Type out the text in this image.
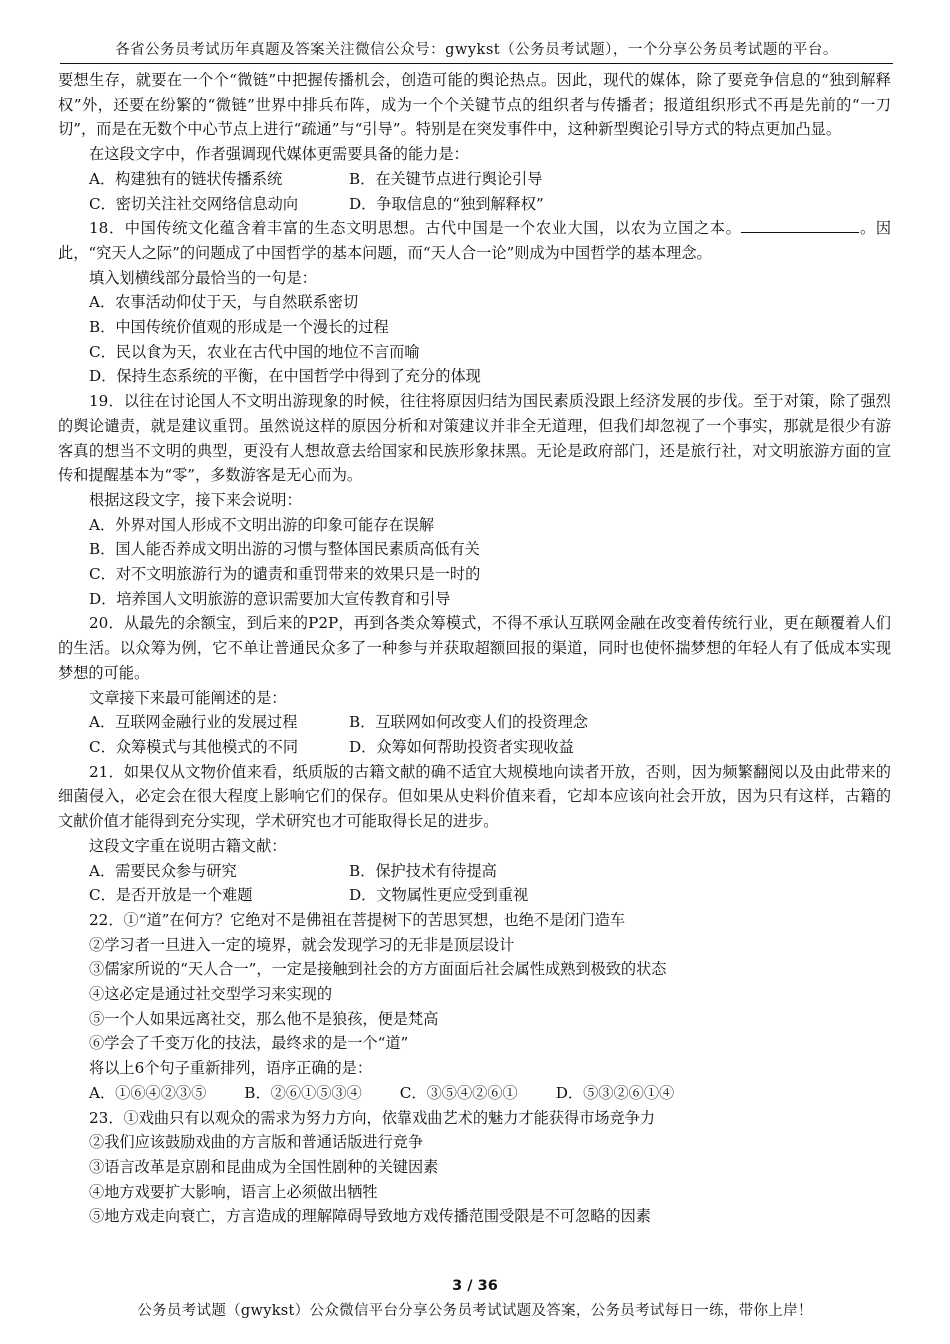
各省公务员考试历年真题及答案关注微信公众号：gwykst（公务员考试题），一个分享公务员考试题的平台。

要想生存，就要在一个个“微链”中把握传播机会，创造可能的舆论热点。因此，现代的媒体，除了要竞争信息的“独到解释权”外，还要在纷繁的“微链”世界中排兵布阵，成为一个个关键节点的组织者与传播者；报道组织形式不再是先前的“一刀切”，而是在无数个中心节点上进行“疏通”与“引导”。特别是在突发事件中，这种新型舆论引导方式的特点更加凸显。

在这段文字中，作者强调现代媒体更需要具备的能力是：

A．构建独有的链状传播系统	B．在关键节点进行舆论引导
C．密切关注社交网络信息动向	D．争取信息的“独到解释权”

18．中国传统文化蕴含着丰富的生态文明思想。古代中国是一个农业大国，以农为立国之本。	。因此，“究天人之际”的问题成了中国哲学的基本问题，而“天人合一论”则成为中国哲学的基本理念。

填入划横线部分最恰当的一句是：

A．农事活动仰仗于天，与自然联系密切

B．中国传统价值观的形成是一个漫长的过程

C．民以食为天，农业在古代中国的地位不言而喻

D．保持生态系统的平衡，在中国哲学中得到了充分的体现

19．以往在讨论国人不文明出游现象的时候，往往将原因归结为国民素质没跟上经济发展的步伐。至于对策，除了强烈的舆论谴责，就是建议重罚。虽然说这样的原因分析和对策建议并非全无道理，但我们却忽视了一个事实，那就是很少有游客真的想当不文明的典型，更没有人想故意去给国家和民族形象抹黑。无论是政府部门，还是旅行社，对文明旅游方面的宣传和提醒基本为“零”，多数游客是无心而为。

根据这段文字，接下来会说明：

A．外界对国人形成不文明出游的印象可能存在误解

B．国人能否养成文明出游的习惯与整体国民素质高低有关

C．对不文明旅游行为的谴责和重罚带来的效果只是一时的

D．培养国人文明旅游的意识需要加大宣传教育和引导

20．从最先的余额宝，到后来的P2P，再到各类众筹模式，不得不承认互联网金融在改变着传统行业，更在颠覆着人们的生活。以众筹为例，它不单让普通民众多了一种参与并获取超额回报的渠道，同时也使怀揣梦想的年轻人有了低成本实现梦想的可能。

文章接下来最可能阐述的是：

A．互联网金融行业的发展过程	B．互联网如何改变人们的投资理念
C．众筹模式与其他模式的不同	D．众筹如何帮助投资者实现收益

21．如果仅从文物价值来看，纸质版的古籍文献的确不适宜大规模地向读者开放，否则，因为频繁翻阅以及由此带来的细菌侵入，必定会在很大程度上影响它们的保存。但如果从史料价值来看，它却本应该向社会开放，因为只有这样，古籍的文献价值才能得到充分实现，学术研究也才可能取得长足的进步。

这段文字重在说明古籍文献：

A．需要民众参与研究	B．保护技术有待提高
C．是否开放是一个难题	D．文物属性更应受到重视

22．①“道”在何方？它绝对不是佛祖在菩提树下的苦思冥想，也绝不是闭门造车

②学习者一旦进入一定的境界，就会发现学习的无非是顶层设计

③儒家所说的“天人合一”，一定是接触到社会的方方面面后社会属性成熟到极致的状态

④这必定是通过社交型学习来实现的

⑤一个人如果远离社交，那么他不是狼孩，便是梵高

⑥学会了千变万化的技法，最终求的是一个“道”

将以上6个句子重新排列，语序正确的是：

A．①⑥④②③⑤	B．②⑥①⑤③④	C．③⑤④②⑥①	D．⑤③②⑥①④

23．①戏曲只有以观众的需求为努力方向，依靠戏曲艺术的魅力才能获得市场竞争力

②我们应该鼓励戏曲的方言版和普通话版进行竞争

③语言改革是京剧和昆曲成为全国性剧种的关键因素

④地方戏要扩大影响，语言上必须做出牺牲

⑤地方戏走向衰亡，方言造成的理解障碍导致地方戏传播范围受限是不可忽略的因素

3 / 36
公务员考试题（gwykst）公众微信平台分享公务员考试试题及答案，公务员考试每日一练，带你上岸！
